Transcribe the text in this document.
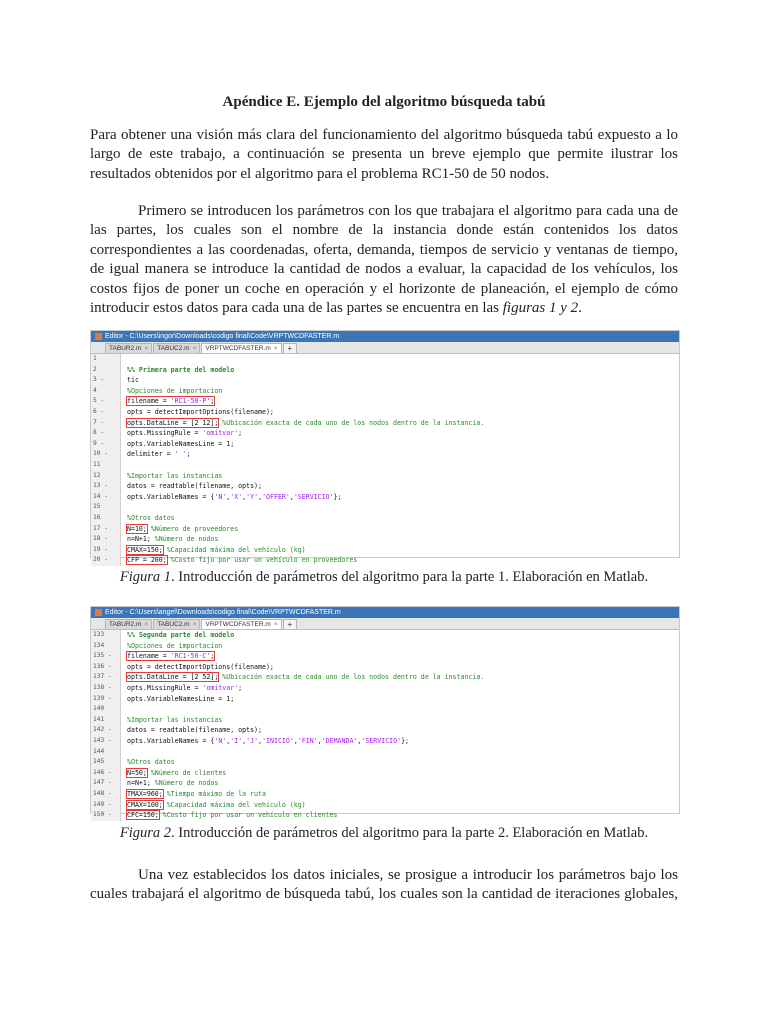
Apéndice E. Ejemplo del algoritmo búsqueda tabú
Para obtener una visión más clara del funcionamiento del algoritmo búsqueda tabú expuesto a lo
largo de este trabajo, a continuación se presenta un breve ejemplo que permite ilustrar los
resultados obtenidos por el algoritmo para el problema RC1-50 de 50 nodos.
Primero se introducen los parámetros con los que trabajara el algoritmo para cada una de
las partes, los cuales son el nombre de la instancia donde están contenidos los datos
correspondientes a las coordenadas, oferta, demanda, tiempos de servicio y ventanas de tiempo,
de igual manera se introduce la cantidad de nodos a evaluar, la capacidad de los vehículos, los
costos fijos de poner un coche en operación y el horizonte de planeación, el ejemplo de cómo
introducir estos datos para cada una de las partes se encuentra en las figuras 1 y 2.
Editor - C:\Users\ingor\Downloads\codigo final\Code\VRPTWCDFASTER.m
TABUR2.m ×	TABUC2.m ×	VRPTWCDFASTER.m ×	+
1
2	%% Primera parte del modelo
3 -	tic
4	%Opciones de importacion
5 -	filename = 'RC1-50-P';
6 -	opts = detectImportOptions(filename);
7 -	opts.DataLine = [2 12]; %Ubicación exacta de cada uno de los nodos dentro de la instancia.
8 -	opts.MissingRule = 'omitvar';
9 -	opts.VariableNamesLine = 1;
10 -	delimiter = ' ';
11
12	%Importar las instancias
13 -	datos = readtable(filename, opts);
14 -	opts.VariableNames = {'N','X','Y','OFFER','SERVICIO'};
15
16	%Otros datos
17 -	N=10; %Número de proveedores
18 -	n=N+1; %Número de nodos
19 -	CMAX=150; %Capacidad máxima del vehículo (kg)
20 -	CFP = 200; %Costo fijo por usar un vehículo en proveedores
Figura 1. Introducción de parámetros del algoritmo para la parte 1. Elaboración en Matlab.
Editor - C:\Users\angel\Downloads\codigo final\Code\VRPTWCDFASTER.m
TABUR2.m ×	TABUC2.m ×	VRPTWCDFASTER.m ×	+
133	%% Segunda parte del modelo
134	%Opciones de importacion
135 -	filename = 'RC1-50-C';
136 -	opts = detectImportOptions(filename);
137 -	opts.DataLine = [2 52]; %Ubicación exacta de cada uno de los nodos dentro de la instancia.
138 -	opts.MissingRule = 'omitvar';
139 -	opts.VariableNamesLine = 1;
140
141	%Importar las instancias
142 -	datos = readtable(filename, opts);
143 -	opts.VariableNames = {'N','I','J','INICIO','FIN','DEMANDA','SERVICIO'};
144
145	%Otros datos
146 -	N=50; %Número de clientes
147 -	n=N+1; %Número de nodos
148 -	TMAX=960; %Tiempo máximo de la ruta
149 -	CMAX=100; %Capacidad máxima del vehículo (kg)
150 -	CFC=150; %Costo fijo por usar un vehículo en clientes
Figura 2. Introducción de parámetros del algoritmo para la parte 2. Elaboración en Matlab.
Una vez establecidos los datos iniciales, se prosigue a introducir los parámetros bajo los
cuales trabajará el algoritmo de búsqueda tabú, los cuales son la cantidad de iteraciones globales,
